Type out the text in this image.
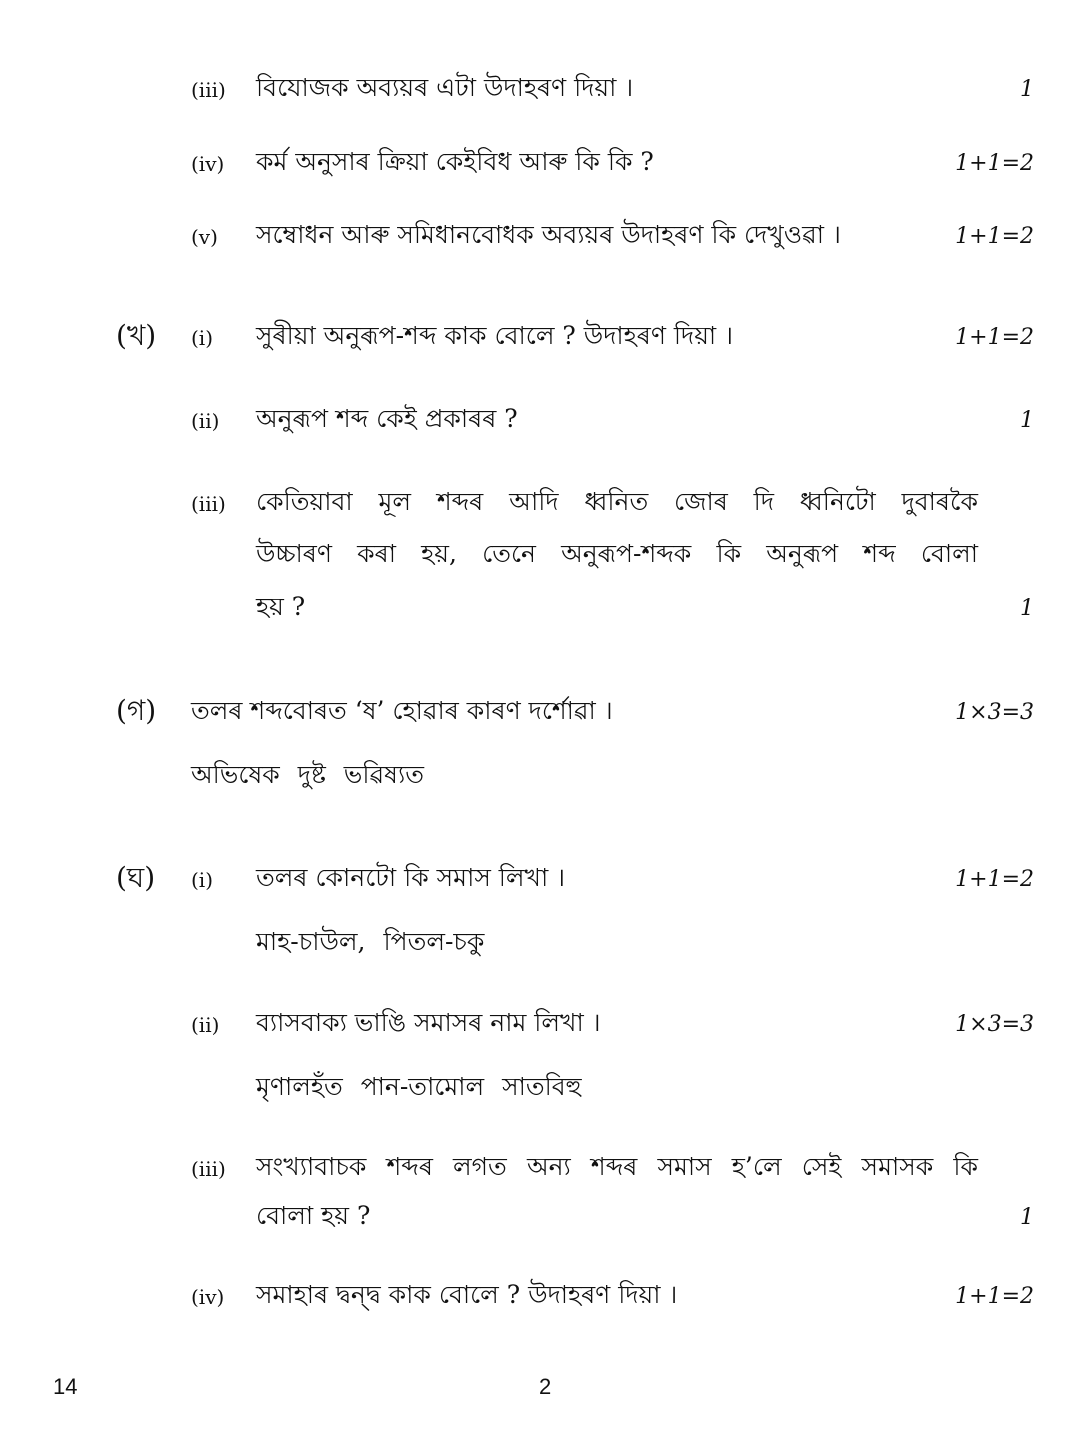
(iii) বিযোজক অব্যয়ৰ এটা উদাহৰণ দিয়া ।	1
(iv) কৰ্ম অনুসাৰ ক্ৰিয়া কেইবিধ আৰু কি কি ?	1+1=2
(v) সম্বোধন আৰু সমিধানবোধক অব্যয়ৰ উদাহৰণ কি দেখুওৱা ।	1+1=2
(খ) (i) সুৰীয়া অনুৰূপ-শব্দ কাক বোলে ? উদাহৰণ দিয়া ।	1+1=2
(ii) অনুৰূপ শব্দ কেই প্ৰকাৰৰ ?	1
(iii) কেতিয়াবা মূল শব্দৰ আদি ধ্বনিত জোৰ দি ধ্বনিটো দুবাৰকৈ
উচ্চাৰণ কৰা হয়, তেনে অনুৰূপ-শব্দক কি অনুৰূপ শব্দ বোলা
হয় ?	1
(গ) তলৰ শব্দবোৰত ‘ষ’ হোৱাৰ কাৰণ দৰ্শোৱা ।	1×3=3
অভিষেক দুষ্ট ভৱিষ্যত
(ঘ) (i) তলৰ কোনটো কি সমাস লিখা ।	1+1=2
মাহ-চাউল, পিতল-চকু
(ii) ব্যাসবাক্য ভাঙি সমাসৰ নাম লিখা ।	1×3=3
মৃণালহঁত পান-তামোল সাতবিহু
(iii) সংখ্যাবাচক শব্দৰ লগত অন্য শব্দৰ সমাস হ’লে সেই সমাসক কি
বোলা হয় ?	1
(iv) সমাহাৰ দ্বন্দ্ব কাক বোলে ? উদাহৰণ দিয়া ।	1+1=2
14	2
